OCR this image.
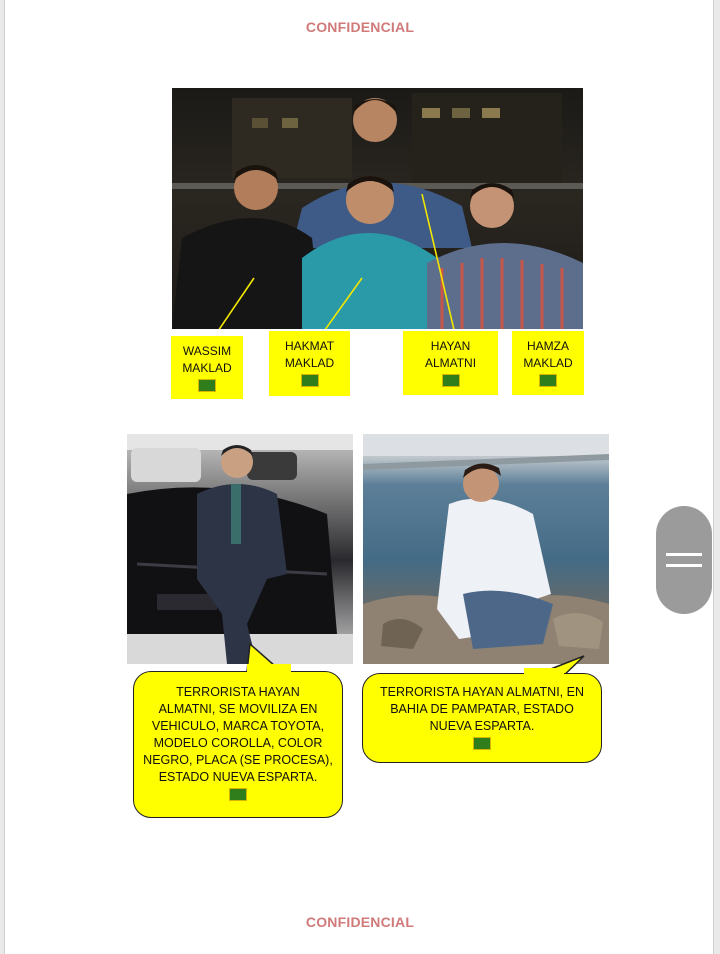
CONFIDENCIAL
WASSIM
MAKLAD
HAKMAT
MAKLAD
HAYAN
ALMATNI
HAMZA
MAKLAD
TERRORISTA HAYAN
ALMATNI, SE MOVILIZA EN
VEHICULO, MARCA TOYOTA,
MODELO COROLLA, COLOR
NEGRO, PLACA (SE PROCESA),
ESTADO NUEVA ESPARTA.
TERRORISTA HAYAN ALMATNI, EN
BAHIA DE PAMPATAR, ESTADO
NUEVA ESPARTA.
CONFIDENCIAL
